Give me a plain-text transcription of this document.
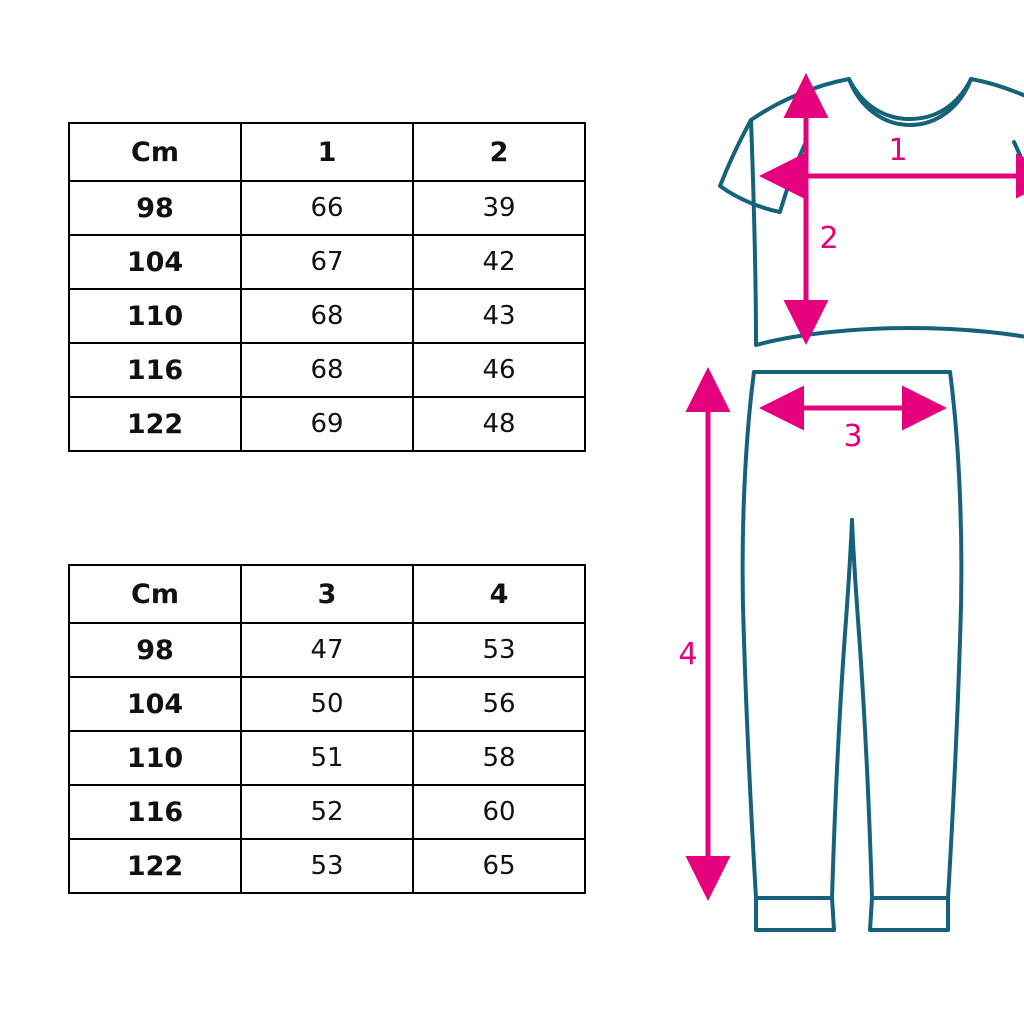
Cm	1	2
98	66	39
104	67	42
110	68	43
116	68	46
122	69	48
Cm	3	4
98	47	53
104	50	56
110	51	58
116	52	60
122	53	65
1
2
3
4
